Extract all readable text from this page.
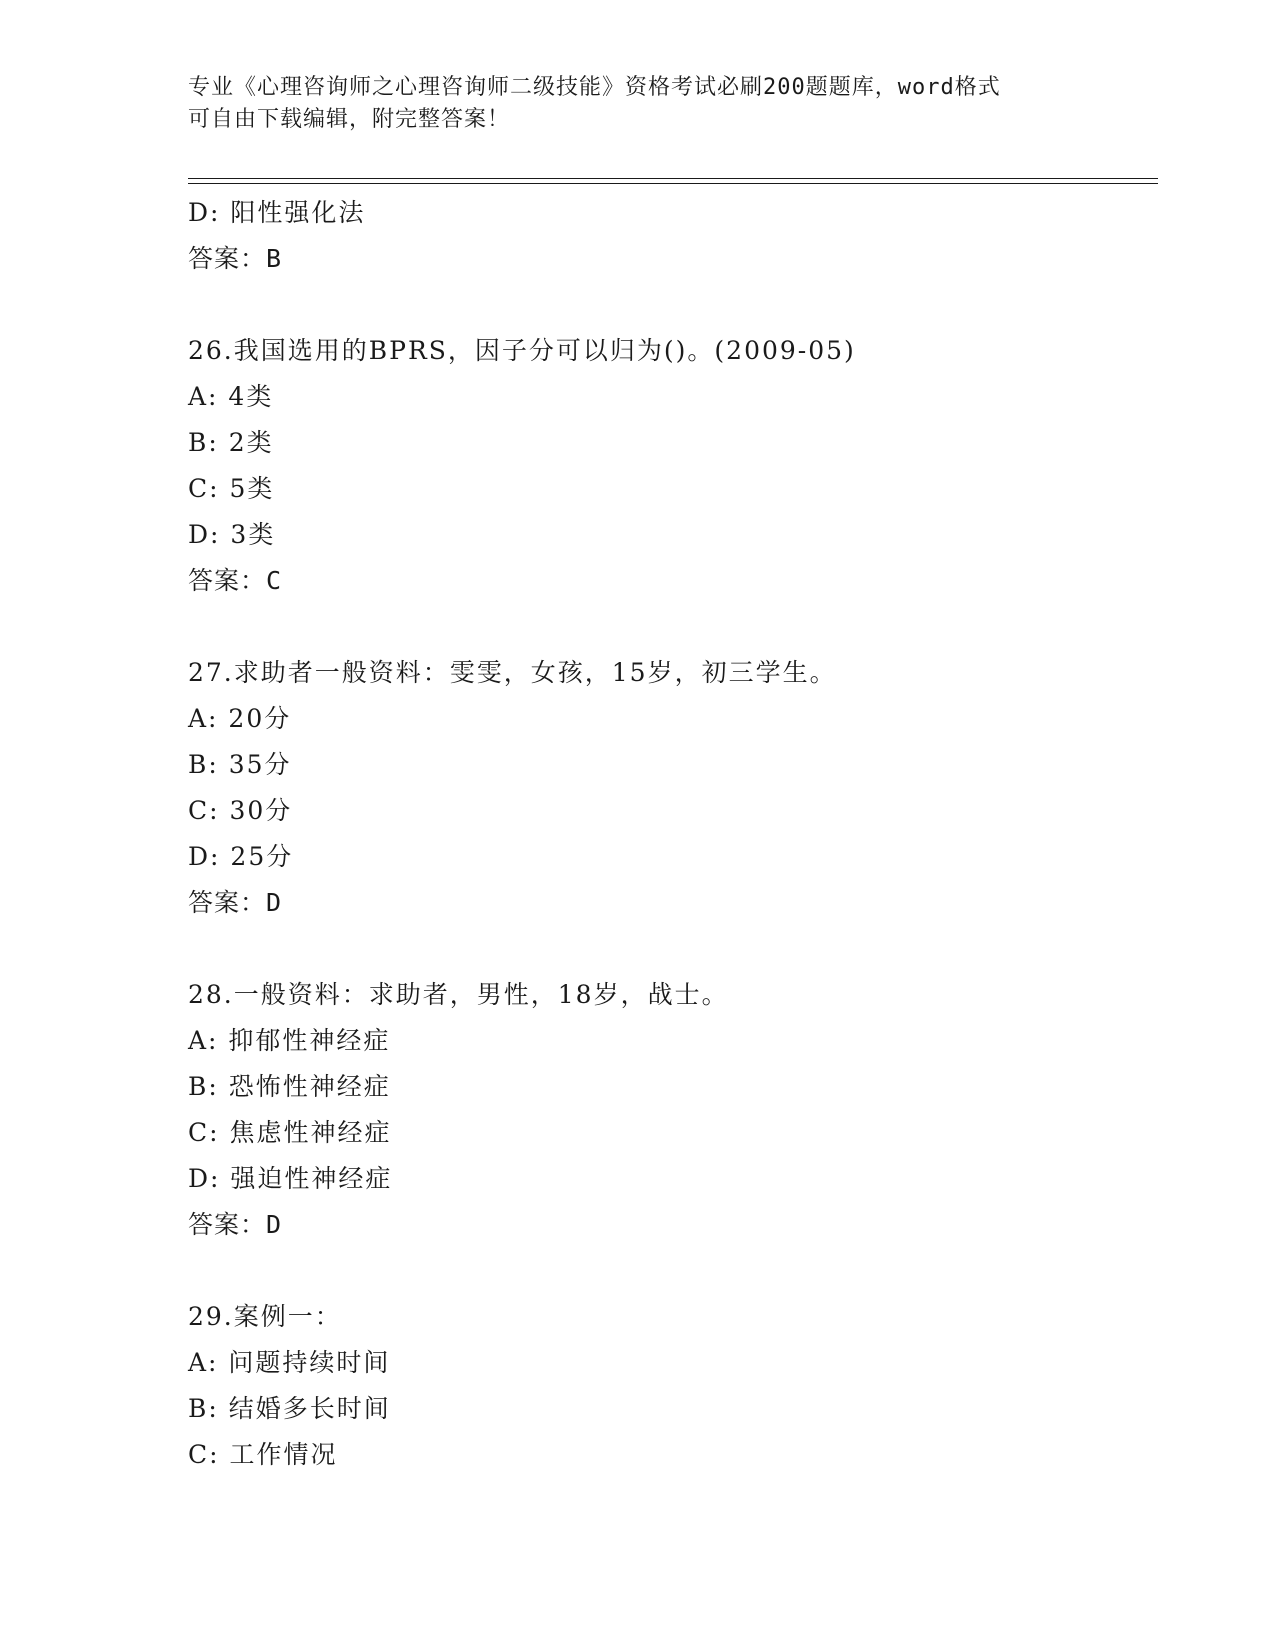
专业《心理咨询师之心理咨询师二级技能》资格考试必刷200题题库，word格式
可自由下载编辑，附完整答案！
D: 阳性强化法
答案：B
26.我国选用的BPRS，因子分可以归为()。(2009-05)
A: 4类
B: 2类
C: 5类
D: 3类
答案：C
27.求助者一般资料：雯雯，女孩，15岁，初三学生。
A: 20分
B: 35分
C: 30分
D: 25分
答案：D
28.一般资料：求助者，男性，18岁，战士。
A: 抑郁性神经症
B: 恐怖性神经症
C: 焦虑性神经症
D: 强迫性神经症
答案：D
29.案例一：
A: 问题持续时间
B: 结婚多长时间
C: 工作情况
